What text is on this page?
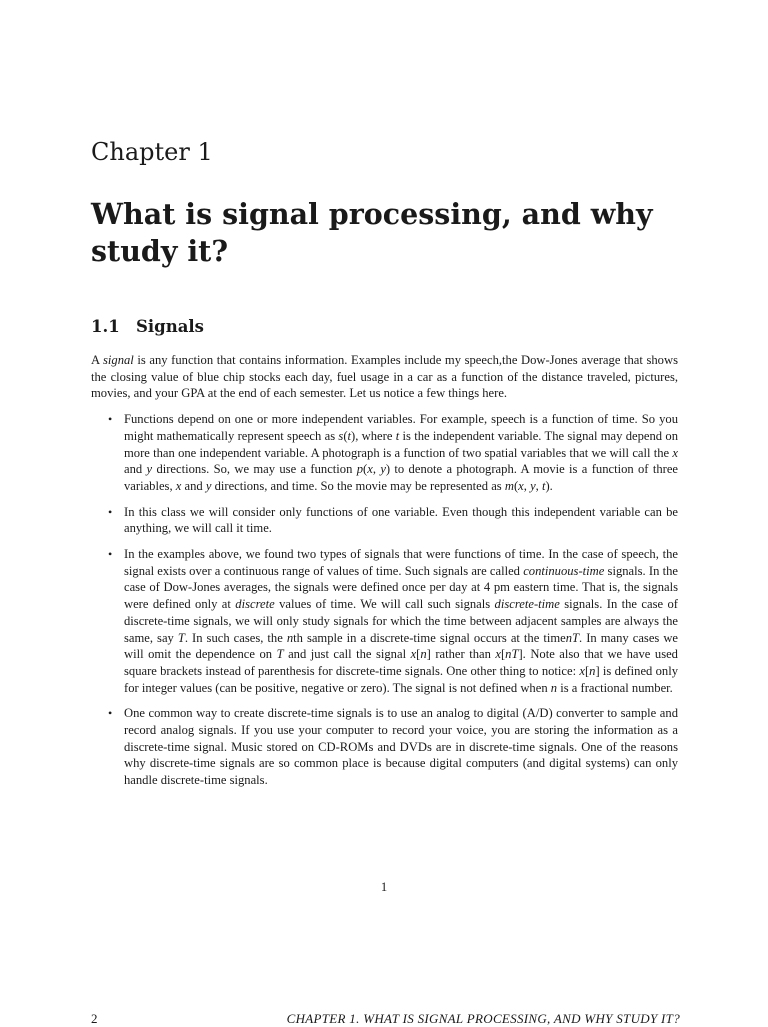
Chapter 1
What is signal processing, and why study it?
1.1 Signals

A signal is any function that contains information. Examples include my speech,the Dow-Jones average that shows the closing value of blue chip stocks each day, fuel usage in a car as a function of the distance traveled, pictures, movies, and your GPA at the end of each semester. Let us notice a few things here.

• Functions depend on one or more independent variables. For example, speech is a function of time. So you might mathematically represent speech as s(t), where t is the independent variable. The signal may depend on more than one independent variable. A photograph is a function of two spatial variables that we will call the x and y directions. So, we may use a function p(x, y) to denote a photograph. A movie is a function of three variables, x and y directions, and time. So the movie may be represented as m(x, y, t).
• In this class we will consider only functions of one variable. Even though this independent variable can be anything, we will call it time.
• In the examples above, we found two types of signals that were functions of time. In the case of speech, the signal exists over a continuous range of values of time. Such signals are called continuous-time signals. In the case of Dow-Jones averages, the signals were defined once per day at 4 pm eastern time. That is, the signals were defined only at discrete values of time. We will call such signals discrete-time signals. In the case of discrete-time signals, we will only study signals for which the time between adjacent samples are always the same, say T. In such cases, the nth sample in a discrete-time signal occurs at the timenT. In many cases we will omit the dependence on T and just call the signal x[n] rather than x[nT]. Note also that we have used square brackets instead of parenthesis for discrete-time signals. One other thing to notice: x[n] is defined only for integer values (can be positive, negative or zero). The signal is not defined when n is a fractional number.
• One common way to create discrete-time signals is to use an analog to digital (A/D) converter to sample and record analog signals. If you use your computer to record your voice, you are storing the information as a discrete-time signal. Music stored on CD-ROMs and DVDs are in discrete-time signals. One of the reasons why discrete-time signals are so common place is because digital computers (and digital systems) can only handle discrete-time signals.
1
2	CHAPTER 1. WHAT IS SIGNAL PROCESSING, AND WHY STUDY IT?
